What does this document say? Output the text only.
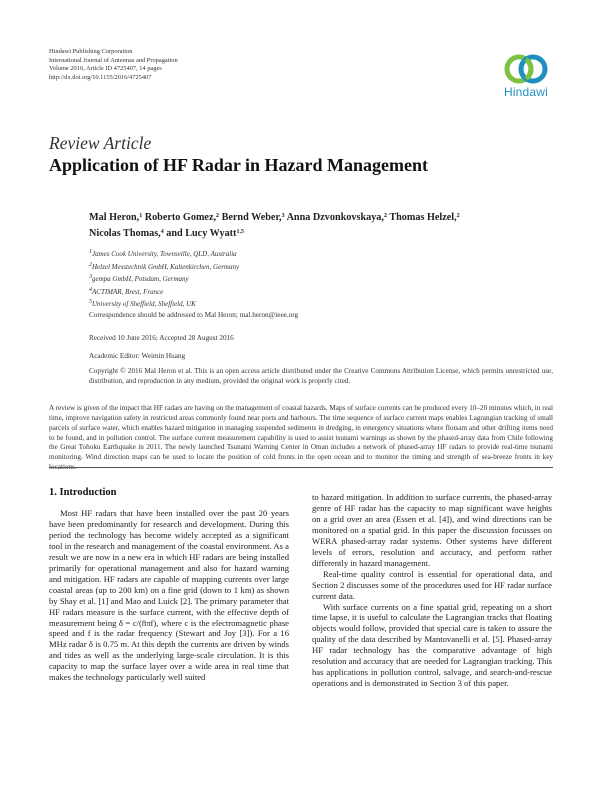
Hindawi Publishing Corporation
International Journal of Antennas and Propagation
Volume 2016, Article ID 4725407, 14 pages
http://dx.doi.org/10.1155/2016/4725407
Hindawi
Review Article
Application of HF Radar in Hazard Management
Mal Heron,$^1$ Roberto Gomez,$^2$ Bernd Weber,$^3$ Anna Dzvonkovskaya,$^2$ Thomas Helzel,$^2$
Nicolas Thomas,$^4$ and Lucy Wyatt$^{1,5}$
$^1$James Cook University, Townsville, QLD, Australia
$^2$Helzel Messtechnik GmbH, Kaltenkirchen, Germany
$^3$gempa GmbH, Potsdam, Germany
$^4$ACTIMAR, Brest, France
$^5$University of Sheffield, Sheffield, UK
Correspondence should be addressed to Mal Heron; mal.heron@ieee.org
Received 10 June 2016; Accepted 28 August 2016
Academic Editor: Weimin Huang
Copyright © 2016 Mal Heron et al. This is an open access article distributed under the Creative Commons Attribution License, which permits unrestricted use, distribution, and reproduction in any medium, provided the original work is properly cited.
A review is given of the impact that HF radars are having on the management of coastal hazards. Maps of surface currents can be produced every 10–20 minutes which, in real time, improve navigation safety in restricted areas commonly found near ports and harbours. The time sequence of surface current maps enables Lagrangian tracking of small parcels of surface water, which enables hazard mitigation in managing suspended sediments in dredging, in emergency situations where flotsam and other drifting items need to be found, and in pollution control. The surface current measurement capability is used to assist tsunami warnings as shown by the phased-array data from Chile following the Great Tohoku Earthquake in 2011. The newly launched Tsunami Warning Center in Oman includes a network of phased-array HF radars to provide real-time tsunami monitoring. Wind direction maps can be used to locate the position of cold fronts in the open ocean and to monitor the timing and strength of sea-breeze fronts in key locations.
1. Introduction

Most HF radars that have been installed over the past 20 years have been predominantly for research and development. During this period the technology has become widely accepted as a significant tool in the research and management of the coastal environment. As a result we are now in a new era in which HF radars are being installed primarily for operational management and also for hazard warning and mitigation. HF radars are capable of mapping currents over large coastal areas (up to 200 km) on a fine grid (down to 1 km) as shown by Shay et al. [1] and Mao and Luick [2]. The primary parameter that HF radars measure is the surface current, with the effective depth of measurement being δ = c/(8πf), where c is the electromagnetic phase speed and f is the radar frequency (Stewart and Joy [3]). For a 16 MHz radar δ is 0.75 m. At this depth the currents are driven by winds and tides as well as the underlying large-scale circulation. It is this capacity to map the surface layer over a wide area in real time that makes the technology particularly well suited

to hazard mitigation. In addition to surface currents, the phased-array genre of HF radar has the capacity to map significant wave heights on a grid over an area (Essen et al. [4]), and wind directions can be monitored on a spatial grid. In this paper the discussion focusses on WERA phased-array radar systems. Other systems have different levels of errors, resolution and accuracy, and perform rather differently in hazard management.

Real-time quality control is essential for operational data, and Section 2 discusses some of the procedures used for HF radar surface current data.

With surface currents on a fine spatial grid, repeating on a short time lapse, it is useful to calculate the Lagrangian tracks that floating objects would follow, provided that special care is taken to assure the quality of the data described by Mantovanelli et al. [5]. Phased-array HF radar technology has the comparative advantage of high resolution and accuracy that are needed for Lagrangian tracking. This has applications in pollution control, salvage, and search-and-rescue operations and is demonstrated in Section 3 of this paper.
